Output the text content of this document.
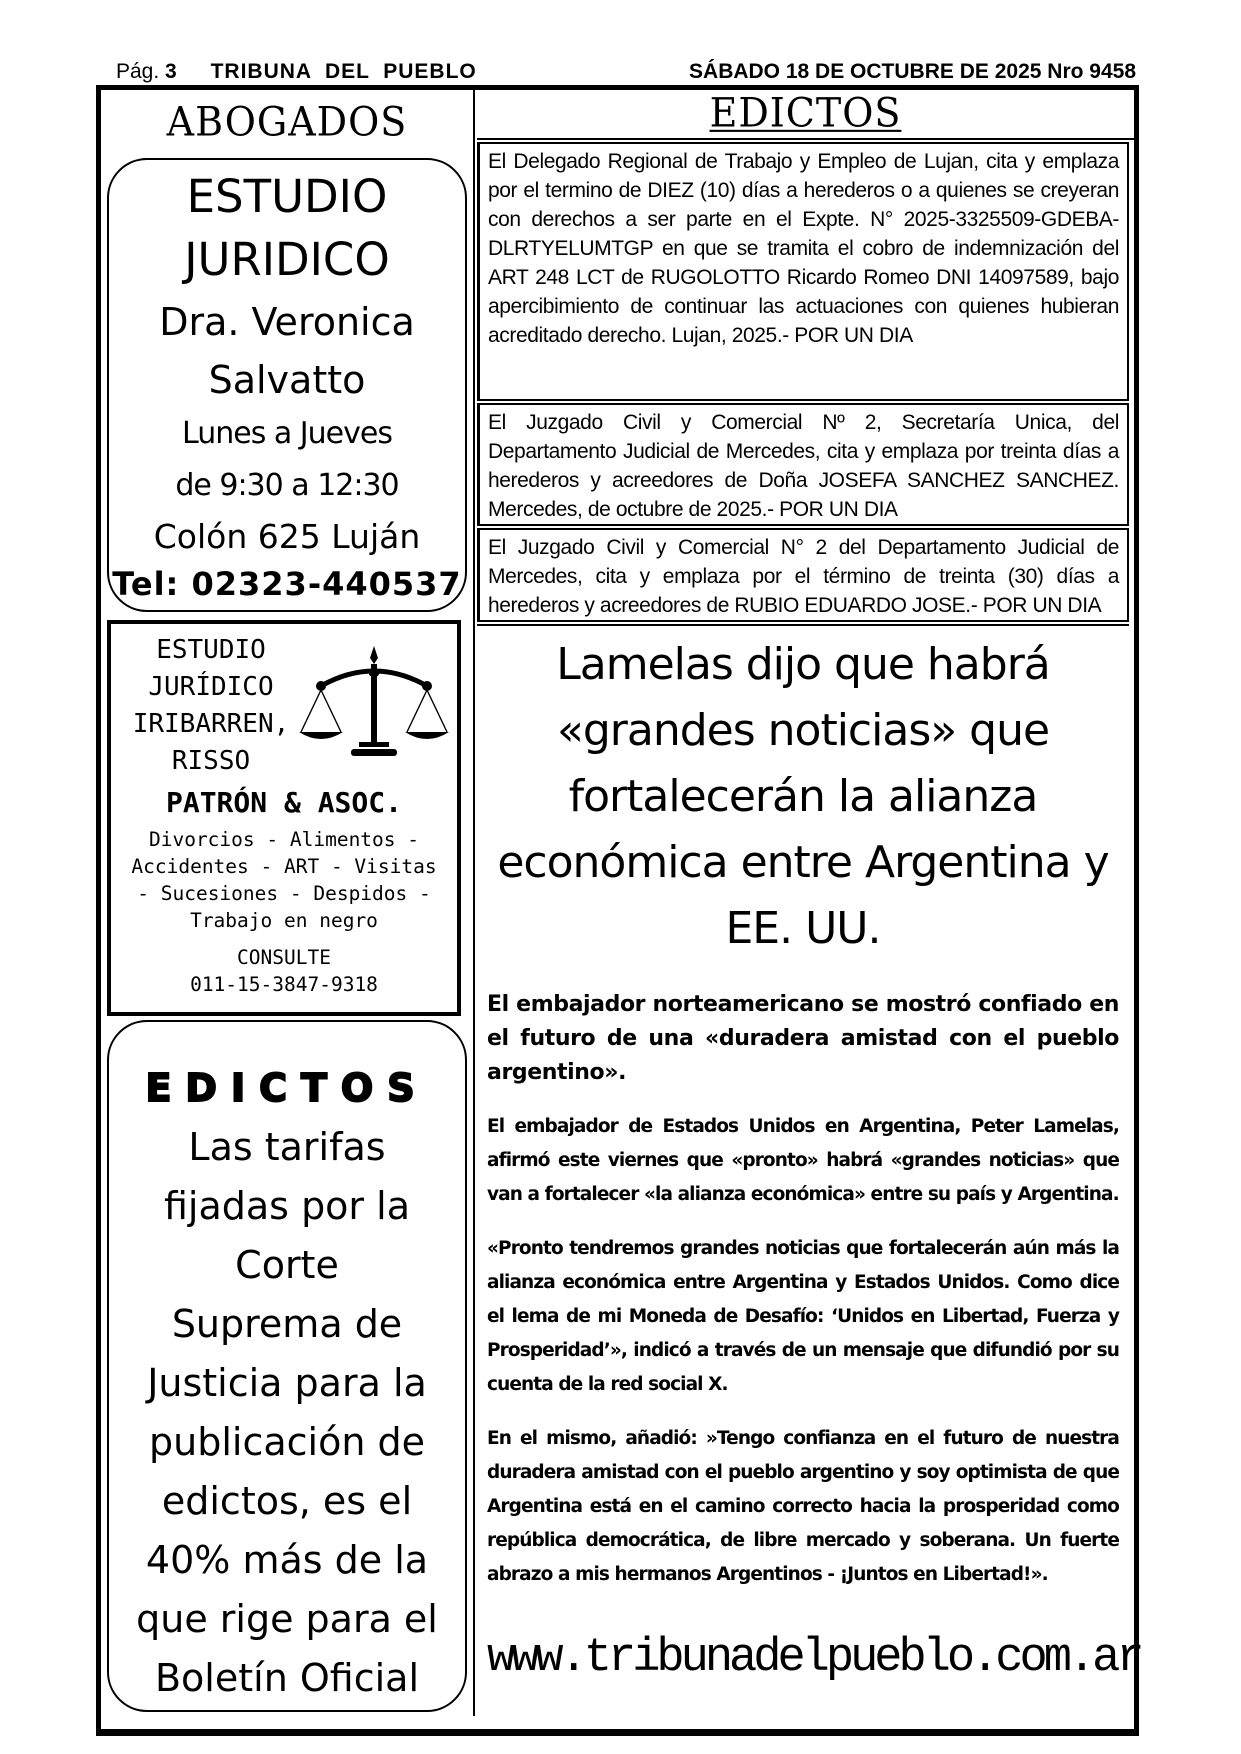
Pág. 3 TRIBUNA  DEL  PUEBLO	SÁBADO 18 DE OCTUBRE DE 2025 Nro 9458
ABOGADOS
ESTUDIO
JURIDICO
Dra. Veronica
Salvatto
Lunes a Jueves
de 9:30 a 12:30
Colón 625 Luján
Tel: 02323-440537
ESTUDIO
JURÍDICO
IRIBARREN,
RISSO
PATRÓN & ASOC.
Divorcios - Alimentos -
Accidentes - ART - Visitas
- Sucesiones - Despidos -
Trabajo en negro
CONSULTE
011-15-3847-9318
EDICTOS
Las tarifas
fijadas por la
Corte
Suprema de
Justicia para la
publicación de
edictos, es el
40% más de la
que rige para el
Boletín Oficial
EDICTOS
El Delegado Regional de Trabajo y Empleo de Lujan, cita y emplaza por el termino de DIEZ (10) días a herederos o a quienes se creyeran con derechos a ser parte en el Expte. N° 2025-3325509-GDEBA-DLRTYELUMTGP en que se tramita el cobro de indemnización del ART 248 LCT de RUGOLOTTO Ricardo Romeo DNI 14097589, bajo apercibimiento de continuar las actuaciones con quienes hubieran acreditado derecho. Lujan, 2025.- POR UN DIA
El Juzgado Civil y Comercial Nº 2, Secretaría Unica, del Departamento Judicial de Mercedes, cita y emplaza por treinta días a herederos y acreedores de Doña JOSEFA SANCHEZ SANCHEZ. Mercedes, de octubre de 2025.- POR UN DIA
El Juzgado Civil y Comercial N° 2 del Departamento Judicial de Mercedes, cita y emplaza por el término de treinta (30) días a herederos y acreedores de RUBIO EDUARDO JOSE.- POR UN DIA
Lamelas dijo que habrá «grandes noticias» que fortalecerán la alianza económica entre Argentina y EE. UU.
El embajador norteamericano se mostró confiado en el futuro de una «duradera amistad con el pueblo argentino».
El embajador de Estados Unidos en Argentina, Peter Lamelas, afirmó este viernes que «pronto» habrá «grandes noticias» que van a fortalecer «la alianza económica» entre su país y Argentina.
«Pronto tendremos grandes noticias que fortalecerán aún más la alianza económica entre Argentina y Estados Unidos. Como dice el lema de mi Moneda de Desafío: ‘Unidos en Libertad, Fuerza y Prosperidad’», indicó a través de un mensaje que difundió por su cuenta de la red social X.
En el mismo, añadió: »Tengo confianza en el futuro de nuestra duradera amistad con el pueblo argentino y soy optimista de que Argentina está en el camino correcto hacia la prosperidad como república democrática, de libre mercado y soberana. Un fuerte abrazo a mis hermanos Argentinos - ¡Juntos en Libertad!».
www.tribunadelpueblo.com.ar
